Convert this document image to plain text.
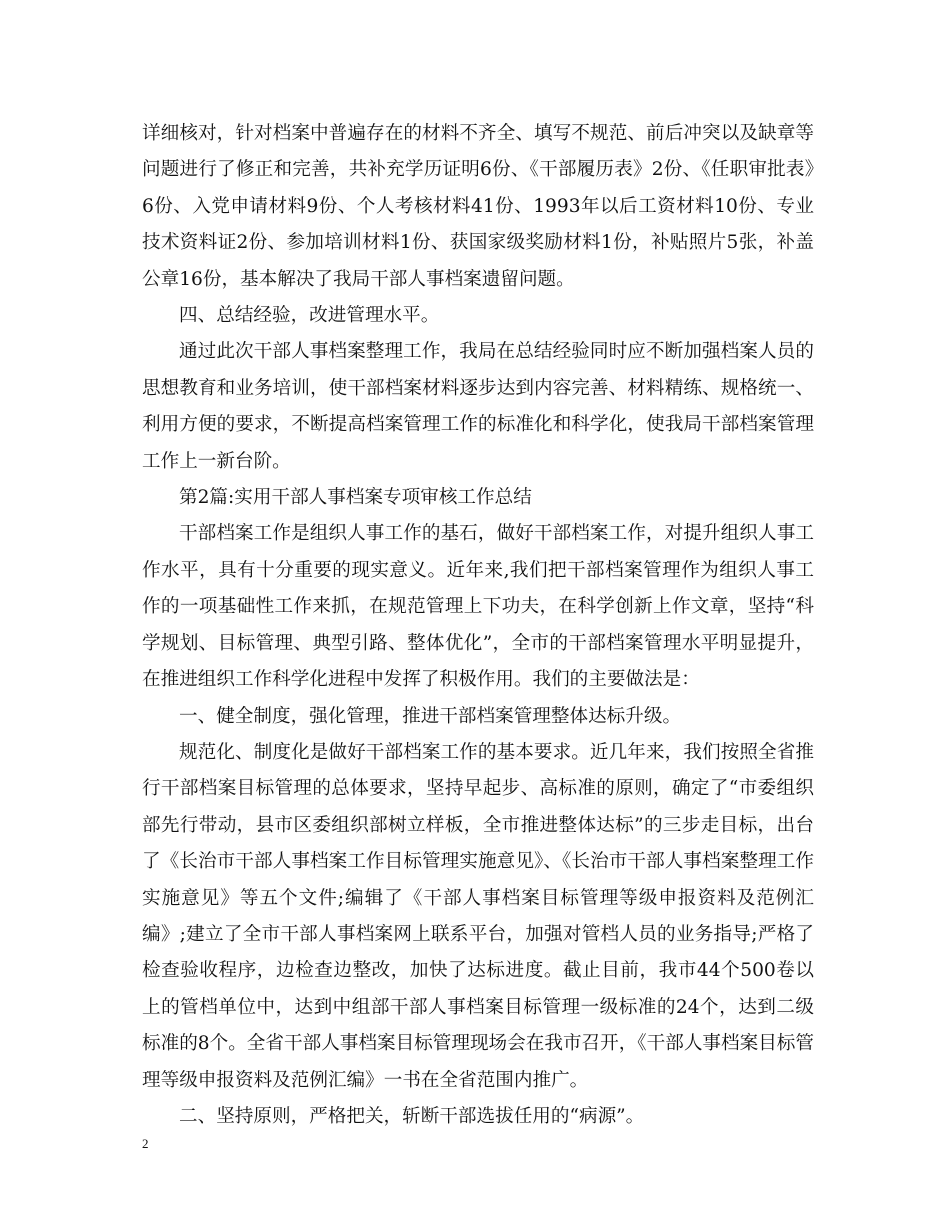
详细核对，针对档案中普遍存在的材料不齐全、填写不规范、前后冲突以及缺章等问题进行了修正和完善，共补充学历证明6份、《干部履历表》2份、《任职审批表》6份、入党申请材料9份、个人考核材料41份、1993年以后工资材料10份、专业技术资料证2份、参加培训材料1份、获国家级奖励材料1份，补贴照片5张，补盖公章16份，基本解决了我局干部人事档案遗留问题。

四、总结经验，改进管理水平。

通过此次干部人事档案整理工作，我局在总结经验同时应不断加强档案人员的思想教育和业务培训，使干部档案材料逐步达到内容完善、材料精练、规格统一、利用方便的要求，不断提高档案管理工作的标准化和科学化，使我局干部档案管理工作上一新台阶。

第2篇:实用干部人事档案专项审核工作总结

干部档案工作是组织人事工作的基石，做好干部档案工作，对提升组织人事工作水平，具有十分重要的现实意义。近年来,我们把干部档案管理作为组织人事工作的一项基础性工作来抓，在规范管理上下功夫，在科学创新上作文章，坚持“科学规划、目标管理、典型引路、整体优化”，全市的干部档案管理水平明显提升，在推进组织工作科学化进程中发挥了积极作用。我们的主要做法是：

一、健全制度，强化管理，推进干部档案管理整体达标升级。

规范化、制度化是做好干部档案工作的基本要求。近几年来，我们按照全省推行干部档案目标管理的总体要求，坚持早起步、高标准的原则，确定了“市委组织部先行带动，县市区委组织部树立样板，全市推进整体达标”的三步走目标，出台了《长治市干部人事档案工作目标管理实施意见》、《长治市干部人事档案整理工作实施意见》等五个文件;编辑了《干部人事档案目标管理等级申报资料及范例汇编》;建立了全市干部人事档案网上联系平台，加强对管档人员的业务指导;严格了检查验收程序，边检查边整改，加快了达标进度。截止目前，我市44个500卷以上的管档单位中，达到中组部干部人事档案目标管理一级标准的24个，达到二级标准的8个。全省干部人事档案目标管理现场会在我市召开，《干部人事档案目标管理等级申报资料及范例汇编》一书在全省范围内推广。

二、坚持原则，严格把关，斩断干部选拔任用的“病源”。

2
